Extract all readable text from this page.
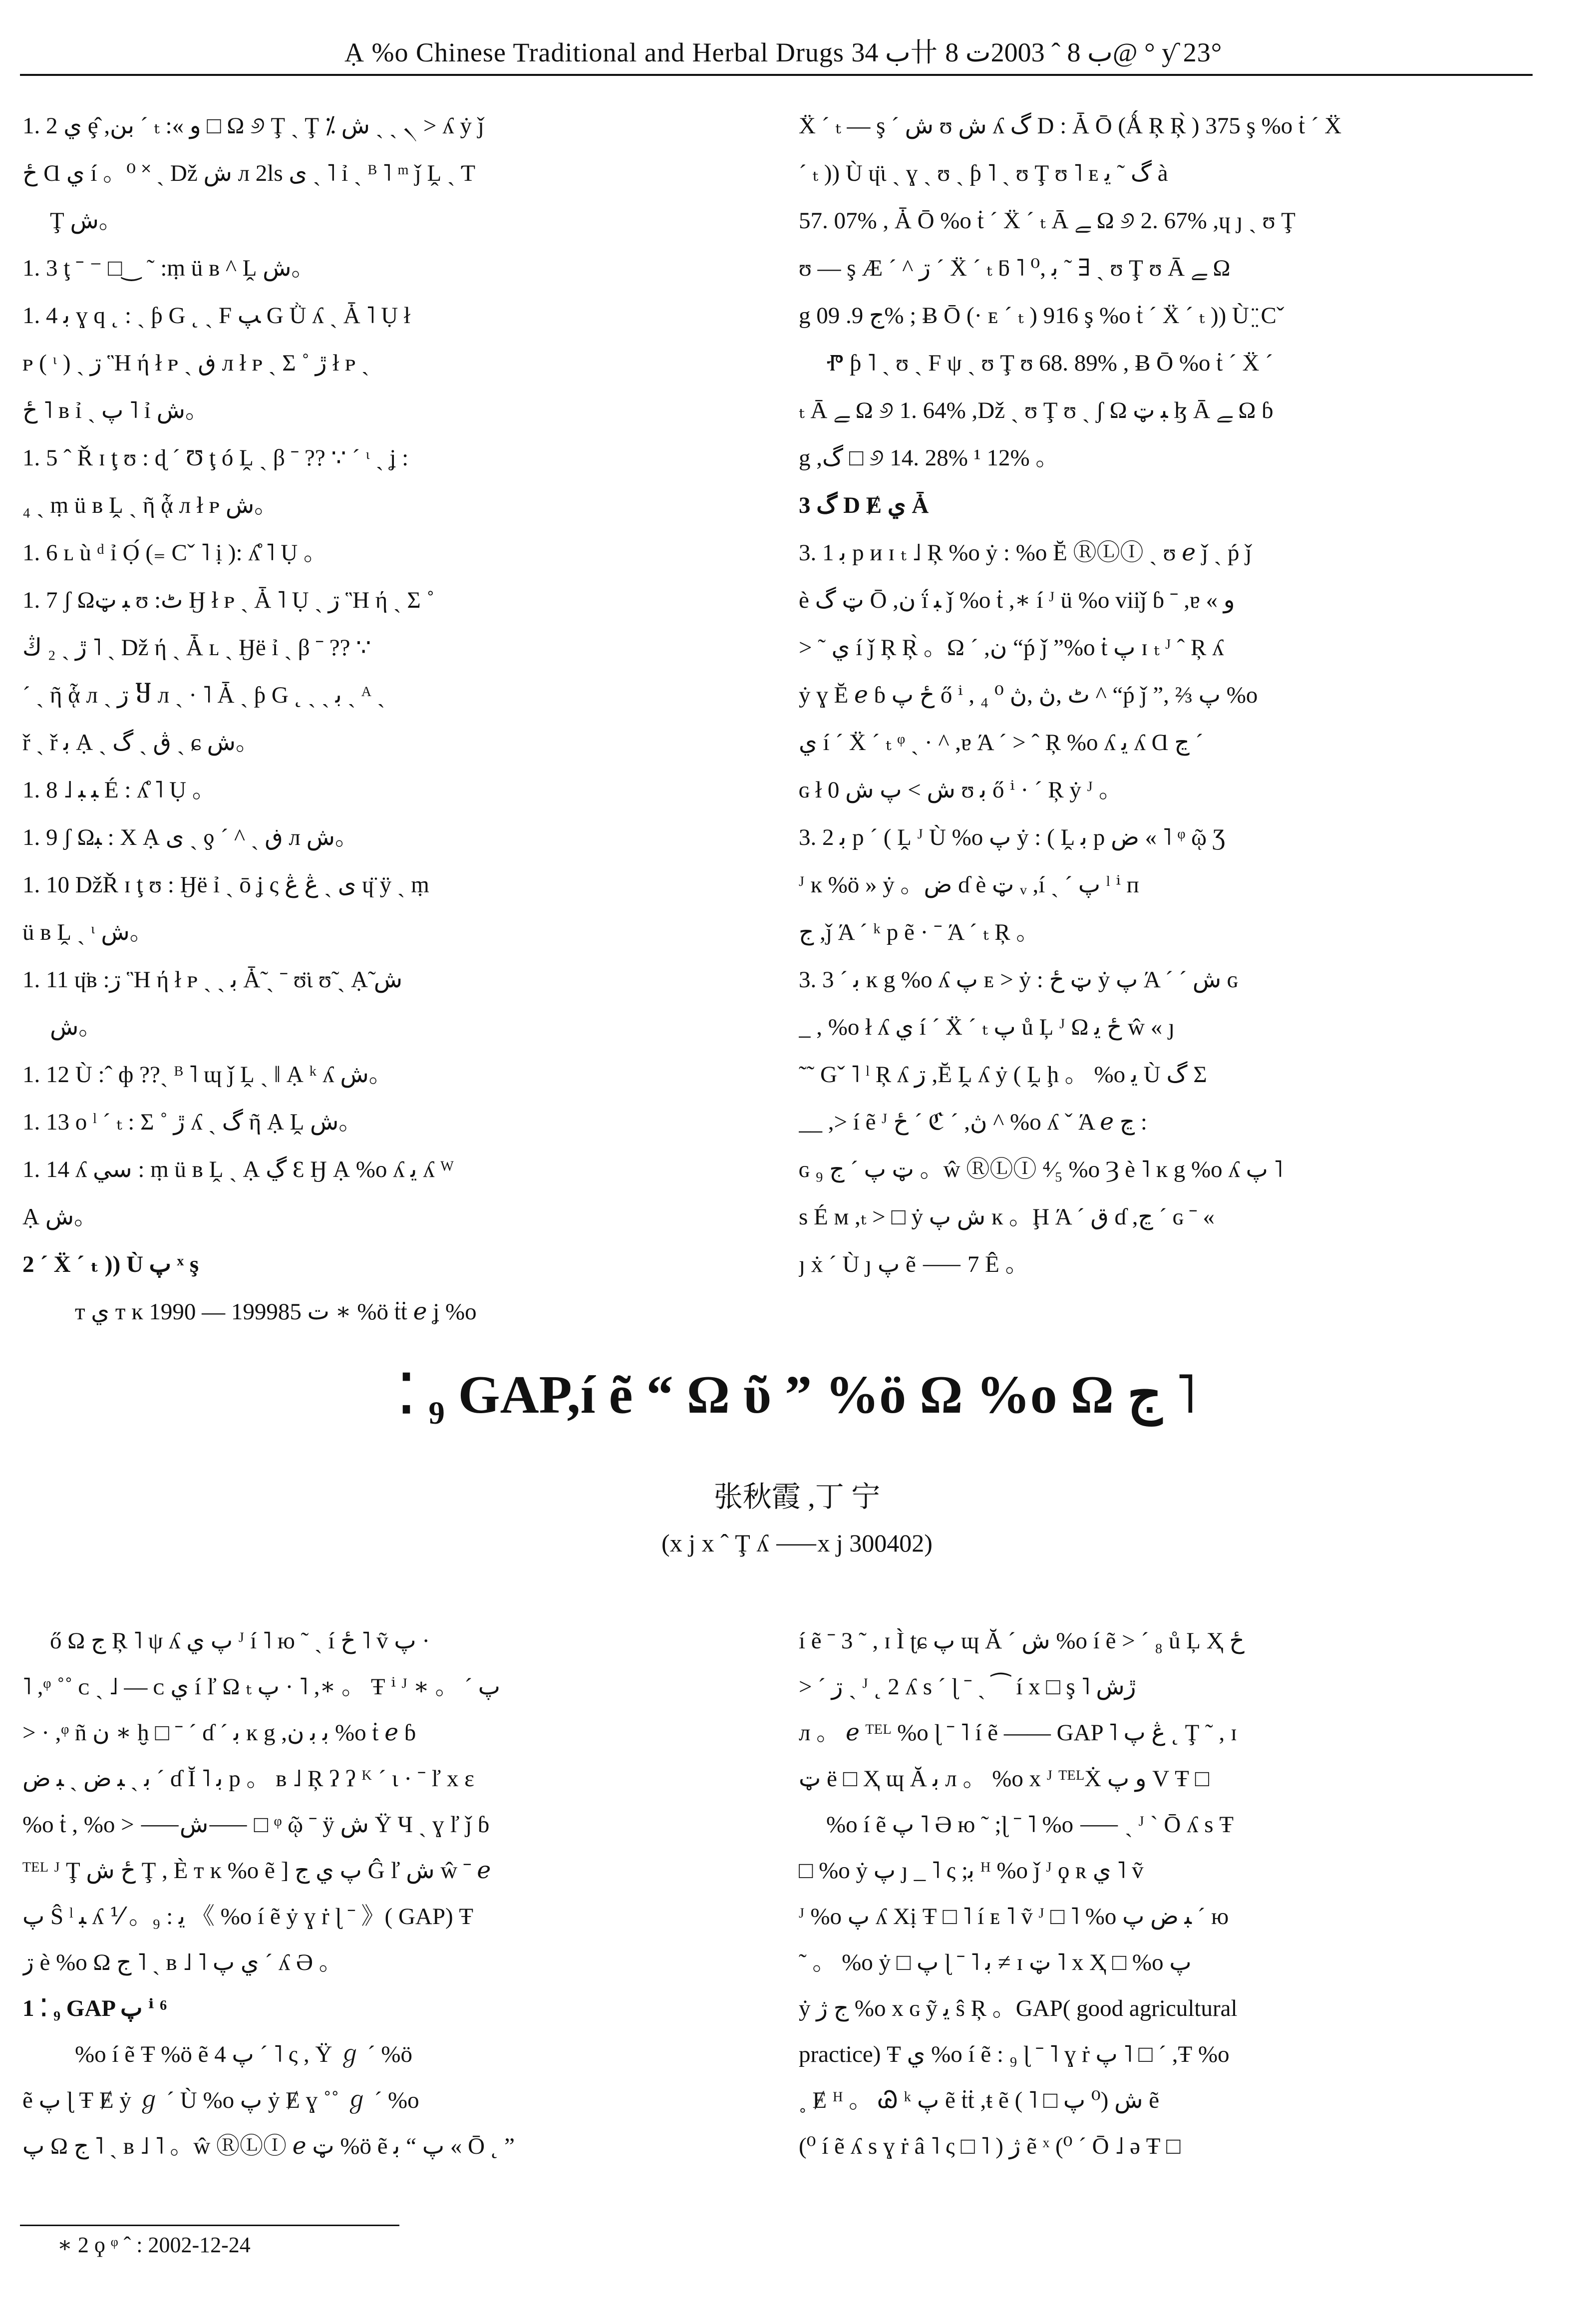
Ạ %o Chinese Traditional and Herbal Drugs ب 34卄 ب 8 ˆ 2003ت 8@ ° ƴ 23°

1. 2 ي ȩ̂ ,بن ´ ₜ :« و □ Ω ୬ Ţ ˏ Ţ ⁒ ش ˏ ˏ ৲ > ʎ ẏ ǰ

ځ Ɑ ي í 。⁰ ˟ ˏ Dž ش л 2ls ى ˏ ˥ ỉ ˏ ᴮ ˥ ᵐ ǰ Ḽ ˏ Ƭ

Ţ ش。

1. 3 ţ ˉ ⁻ □‿ ˜ :ṃ ü ʙ ^ Ḽ ش。

1. 4 ﺑ ɣ q ˛ : ˏ ƥ G ˛ ˏ F ﭗ G Ǜ ʎ ˏ Ǡ ˥ Ụ ł

ᴘ ( ᶥ ) ˏ ڗ Ἣ ή ł ᴘ ˏ ڧ л ł ᴘ ˏ Σ ˚ ڙ ł ᴘ ˏ

ځ ˥ ʙ ỉ ˏ پ ˥ ỉ ش。

1. 5 ˆ Ř ɪ ţ ʊ : ɖ ´ Ʊ ţ ó Ḽ ˏ β ˉ ?? ∵ ˊ ᶥ ˏ ʝ :

₄ ˏ ṃ ü ʙ Ḽ ˏ ῆ ᾇ л ł ᴘ ش。

1. 6 ʟ ù ᵈ ỉ Ọ́ (₌ Cˇ ˥ ị ): ʎ̊ ˥ Ụ 。

1. 7 ʃ Ωﺒ ټ ʊ :ٹ Ӈ ł ᴘ ˏ Ǡ ˥ Ụ ˏ ڗ Ἣ ή ˏ Σ ˚

ڙ ˏ ₂ ڭ ˥ ˏ Dž ή ˏ Ǡ ʟ ˏ Ӈë ỉ ˏ β ˉ ?? ∵

ˊ ˏ ῆ ᾇ л ˏ ڗ Ⴘ л ˏ · ˥ Ǡ ˏ ƥ G ˛ ˏ ˏ ﺑ ˏ ᴬ ˏ

ř ˏ ř ﺑ Ạ ˏ ڨ ˏ گ ˏ ɕ ش。

1. 8 ˩ ﺒ ﺒ É : ʎ̊ ˥ Ụ 。

1. 9 ʃ Ωﺒ : X Ạ ى ˏ ƍ ´ ^ ˏ ڧ л ش。

1. 10 DžŘ ɪ ţ ʊ : Ӈë ỉ ˏ ō ʝ ς ى ˏ ڠ ڠ ɥ̈ ÿ ˏ ṃ

ü ʙ Ḽ ˏ ᶥ ش。

1. 11 ɥ̈ʙ :ڗ Ἣ ή ł ᴘ ˏ ˏ ﺑ Ǡ̃ ˏ ˉ ʊ̈ɩ ʊ̃ ˏ Ạ̃ ش

ش。

1. 12 Ù :ˆ ф ??ˏ ᴮ ˥ ɰ ǰ Ḽ ˏ ‖ Ạ ᵏ ʎ ش。

1. 13 o ˡ ˊ ₜ : Σ ˚ ڙ ʎ ˏ گ ῆ Ạ Ḽ ش。

1. 14 ʎ سي : ṃ ü ʙ Ḽ ˏ Ạ ڲ Ɛ Ӈ Ạ %o ʎ ﻳ ʎ ᵂ

Ạ ش。

2 ´ Ẍ ´ ₜ )) Ù پ ˣ ş

ᴛ ي ᴛ ĸ 1990 — 1999ت 85 ∗ %ö ṫṫ ℯ ʝ %o

Ẍ ´ ₜ — ş ˊ ش ʊ ش ʎ گ D : Ǡ Ō (Ǻ Ŗ Ŗ̀ ) 375 ş %o ṫ ´ Ẍ

ˊ ₜ )) Ù ɥ̈ɩ ˏ ɣ ˏ ʊ ˏ ƥ ˥ ˏ ʊ Ţ ʊ ˥ ᴇ گ ˜ ﻳ à

57. 07% , Ǡ Ō %o ṫ ´ Ẍ ´ ₜ Ā ﮯ Ω ୬ 2. 67% ,ɥ ȷ ˏ ʊ Ţ

ʊ — ş Æ ´ ^ ڗ ´ Ẍ ´ ₜ ƃ ˥ ﺑ ,⁰ ˜ ∃ ˏ ʊ Ţ ʊ Ā ﮯ Ω

g ج 9. 09% ; Ƀ Ō (· ᴇ ´ ₜ ) 916 ş %o ṫ ´ Ẍ ´ ₜ )) Ù ̤̈ Cˇ

Ⱂ ƥ ˥ ˏ ʊ ˏ F ψ ˏ ʊ Ţ ʊ 68. 89% , Ƀ Ō %o ṫ ´ Ẍ ´

ₜ Ā ﮯ Ω ୬ 1. 64% ,Dž ˏ ʊ Ţ ʊ ˏ ʃ Ω ﺒ ټ ɮ Ā ﮯ Ω ɓ

g ,گ □ ୬ 14. 28% ¹ 12% 。

3 گ D Ɇ ي Ǡ

3. 1 ﺑ p ᴎ ɪ ₜ ˩ Ŗ %o ẏ : %o Ĕ ⓇⓁⒾ ˏ ʊ ℯ ǰ ˏ ṕ ǰ

è ټ گ Ō ,ن ḯ ﺒ ǰ %o ṫ ,∗ í ᴶ ü %o viiǰ ɓ ˉ ,ɐ « و

> ˜ ي í ǰ Ŗ Ŗ̀ 。Ω ´ ,ن “ṕ ǰ ”%o ṫ پ ɪ ₜ ᴶ ˆ Ŗ ʎ

ẏ ɣ Ĕ ℯ ɓ ځ پ ő ⁱ , ₄ ⁰ ٹ ,ڽ ,ڽ ^ “ṕ ǰ ”, ⅔ پ %o

ي í ´ Ẍ ´ ₜ ᵠ ˏ · ^ ,ɐ Ά ´ > ˆ Ŗ %o ʎ ﻳ ʎ Ɑ ڃ ´

ɢ ł 0 ش > پ ش ʊ ﺑ ő ⁱ · ˊ Ŗ ẏ ᴶ 。

3. 2 ﺑ p ´ ( Ḽ ᴶ Ù %o پ ẏ : ( Ḽ ﺑ p ض « ˥ ᵠ ῷ Ʒ

ᴶ ĸ %ö » ẏ 。ض ɗ è ټ ᵥ ,í ˏ ˊ پ ˡ ⁱ п

ج ,ǰ Ά ´ ᵏ p ẽ · ˉ Ά ´ ₜ Ŗ 。

3. 3 ´ ﺑ ĸ g %o ʎ پ ᴇ > ẏ : ټ ځ ẏ پ Ά ´ ˊ ش ɢ

_ , %o ł ʎ ي í ´ Ẍ ´ ₜ پ ů Ļ ᴶ Ω ځ ﻳ ŵ « ȷ

˜˜ Gˇ ˥ ˡ Ŗ ʎ ڗ ,Ĕ Ḽ ʎ ẏ ( Ḽ ḩ 。 %o ﻳ Ù گ Σ

__ ,> í ẽ ᴶ ځ ´ ℭ ´ ,ڽ ^ %o ʎ ˇ Ά ℯ ڃ :

ɢ ټ پ ´ ج ₉ 。ŵ ⓇⓁⒾ ⁴⁄₅ %o Ȝ è ˥ ĸ g %o ʎ پ ˥

ѕ É ᴍ ,ₜ > □ ẏ ش پ ĸ 。Ḩ Ά ´ ق ɗ ,ڃ ´ ɢ ˉ «

ȷ ẋ ´ Ù ȷ پ ẽ ⸺ 7 Ê 。

⁚ ₉ GAP,í ẽ “ Ω ῦ ” %ö Ω %o Ω ج ˥
张秋霞 ,丁 宁
(x j x ˆ Ţ ʎ ⸺x j 300402)

ő Ω ج Ŗ ˥ ψ ʎ پ ي ᴶ í ˥ ю ˜ ˏ í ځ ˥ ṽ پ ·

˥ ,ᵠ ˚˚ ᴄ ˏ ˩ — ᴄ ي í ľ Ω ₜ پ · ˥ ,∗ 。 Ŧ ⁱ ᴶ ∗ 。 ˊ پ

> · ,ᵠ ñ ن ∗ ḫ □ ˉ ˊ ɗ ´ ﺑ ĸ g ,ﺑ ﺑ ن %o ṫ ℯ ɓ

ﺑ ˏ ﺒ ض ˏ ﺒ ض ˊ ɗ Ĭ ˥ ﺑ p 。 ʙ ˩ Ŗ ʔ ʔ ᴷ ˊ ɩ · ˉ ľ x ɛ

%o ṫ , %o > ⸺ش⸺ □ ᵠ ῷ ˉ ÿ ش Ÿ Ч ˏ ɣ ľ ǰ ɓ

ᵀᴱᴸ ᴶ Ţ ځ ش Ţ , È ᴛ ĸ %o ẽ ] پ ي ج Ĝ ľ ش ŵ ˉ ℯ

پ Ŝ ˡ ﺒ ʎ ⅟ 。ﻳ : ₉ 《 %o í ẽ ẏ ɣ ṙ ɭ ˉ 》( GAP) Ŧ

ڗ è %o Ω ج ˥ ˏ ʙ ˩ ˥ ي پ ˊ ʎ Ə 。

1 ⁚ ₉ GAP پ ⁱ ⁶

%o í ẽ Ŧ %ö ẽ پ 4 ˊ ˥ ς , Ÿ ℊ ˊ %ö

ẽ پ ɭ Ŧ Ɇ ẏ ℊ ˊ Ù %o پ ẏ Ɇ ɣ ˚˚ ℊ ˊ %o

پ Ω ج ˥ ˏ ʙ ˩ ˥ 。ŵ ⓇⓁⒾ ℯ ټ %ö ẽ پ “ ﺑ « Ō ˛ ”

í ẽ ˉ 3 ˜ , ɪ Ì ʈɕ پ ɰ Ă ˊ ش %o í ẽ > ´ ₈ ů Ļ Ҳ ځ

> ˊ ڗ ˏ ᴶ ˛ 2 ʎ ѕ ´ ɭ ˉ ˏ ⁀ í x □ ş ˥ ڙش

л 。 ℯ ᵀᴱᴸ %o ɭ ˉ ˥ í ẽ —— GAP ˥ ڠ پ ˛ Ţ ˜ , ɪ

ټ ë □ Ҳ ɰ Ă ﺑ л 。 %o x ᴶ ᵀᴱᴸẊ و پ V Ŧ □

%o í ẽ پ ˥ Ə ю ˜ ;ɭ ˉ ˥ %o ⸺ ˏ ᴶ ˋ Ō ʎ ѕ Ŧ

□ %o ẏ پ ȷ _ ˥ ς ;ﺑ ᴴ %o ǰ ᴶ ϙ ʀ ي ˥ ṽ

ᴶ %o پ ʎ Xị Ŧ □ ˥ í ᴇ ˥ ṽ ᴶ □ ˥ %o ﺒ ض پ ˊ ю

˜ 。 %o ẏ □ پ ɭ ˉ ˥ ﺑ ≠ ɪ ټ ˥ x Ҳ □ %o پ

ẏ ج ژ %o x ɢ ỹ ﻳ ŝ Ŗ 。GAP( good agricultural

practice) Ŧ ي %o í ẽ : ₉ ɭ ˉ ˥ ɣ ṙ پ ˥ □ ˊ ,Ŧ %o

˳ Ɇ ᴴ 。 Ꮚ ᵏ پ ẽ ṫṫ ,ŧ ẽ ش (⁰ پ □ ˥ ) ẽ

(⁰ í ẽ ʎ ѕ ɣ ṙ â ˥ ς □ ˥ ) ژ ẽ ˣ (⁰ ˊ Ō ˩ ə Ŧ □

∗ 2 ϙ ᵠ ˆ : 2002-12-24
